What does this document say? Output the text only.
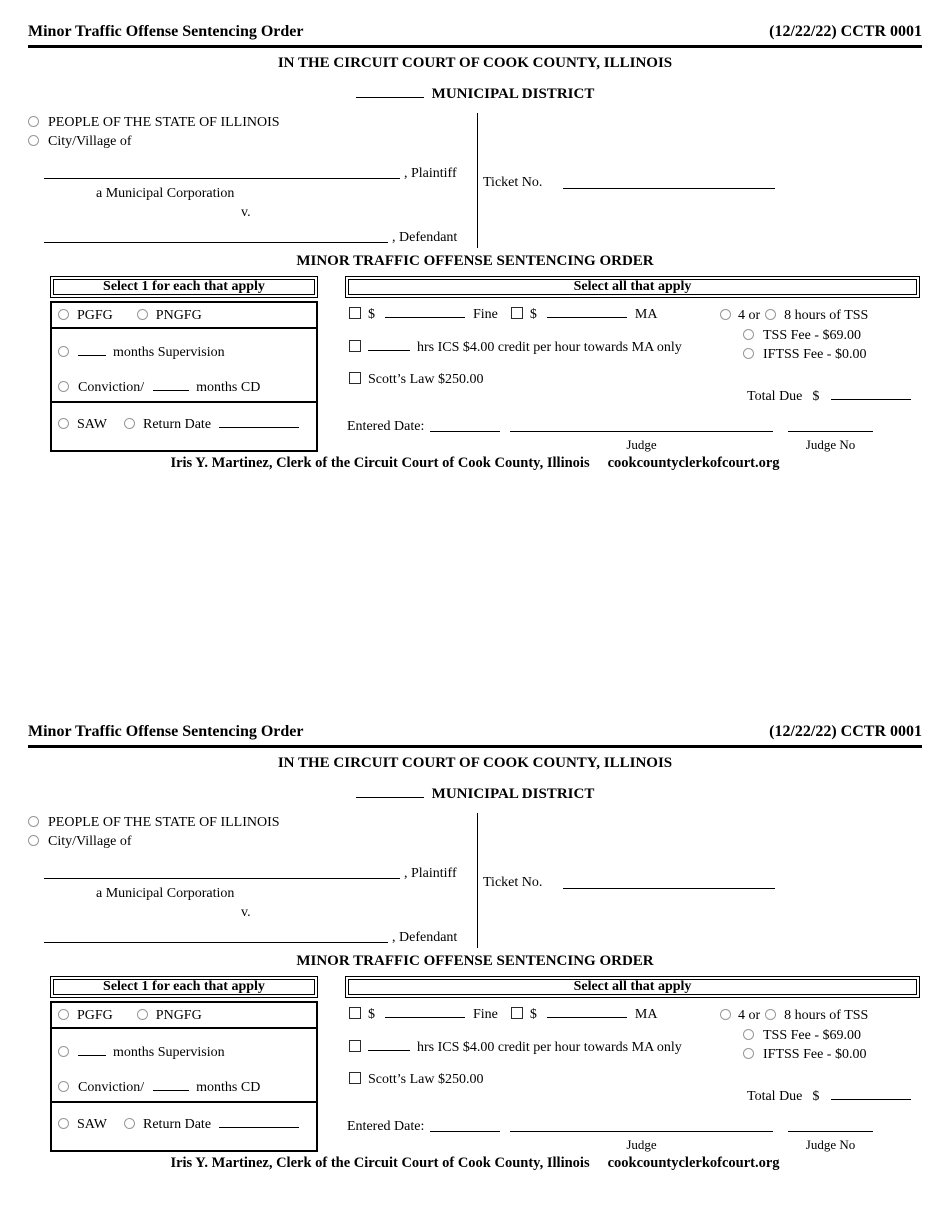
Minor Traffic Offense Sentencing Order	(12/22/22) CCTR 0001
IN THE CIRCUIT COURT OF COOK COUNTY, ILLINOIS
MUNICIPAL DISTRICT
PEOPLE OF THE STATE OF ILLINOIS
City/Village of
, Plaintiff
a Municipal Corporation
v.
, Defendant
Ticket No.
MINOR TRAFFIC OFFENSE SENTENCING ORDER
Select 1 for each that apply
PGFG	PNGFG
months Supervision
Conviction/	months CD
SAW	Return Date
Select all that apply
$	Fine $	MA
hrs ICS $4.00 credit per hour towards MA only
Scott’s Law $250.00
4 or 8 hours of TSS
TSS Fee - $69.00
IFTSS Fee - $0.00
Total Due $
Entered Date:
Judge	Judge No
Iris Y. Martinez, Clerk of the Circuit Court of Cook County, Illinois cookcountyclerkofcourt.org
Minor Traffic Offense Sentencing Order	(12/22/22) CCTR 0001
IN THE CIRCUIT COURT OF COOK COUNTY, ILLINOIS
MUNICIPAL DISTRICT
PEOPLE OF THE STATE OF ILLINOIS
City/Village of
, Plaintiff
a Municipal Corporation
v.
, Defendant
Ticket No.
MINOR TRAFFIC OFFENSE SENTENCING ORDER
Select 1 for each that apply
PGFG	PNGFG
months Supervision
Conviction/	months CD
SAW	Return Date
Select all that apply
$	Fine $	MA
hrs ICS $4.00 credit per hour towards MA only
Scott’s Law $250.00
4 or 8 hours of TSS
TSS Fee - $69.00
IFTSS Fee - $0.00
Total Due $
Entered Date:
Judge	Judge No
Iris Y. Martinez, Clerk of the Circuit Court of Cook County, Illinois cookcountyclerkofcourt.org
